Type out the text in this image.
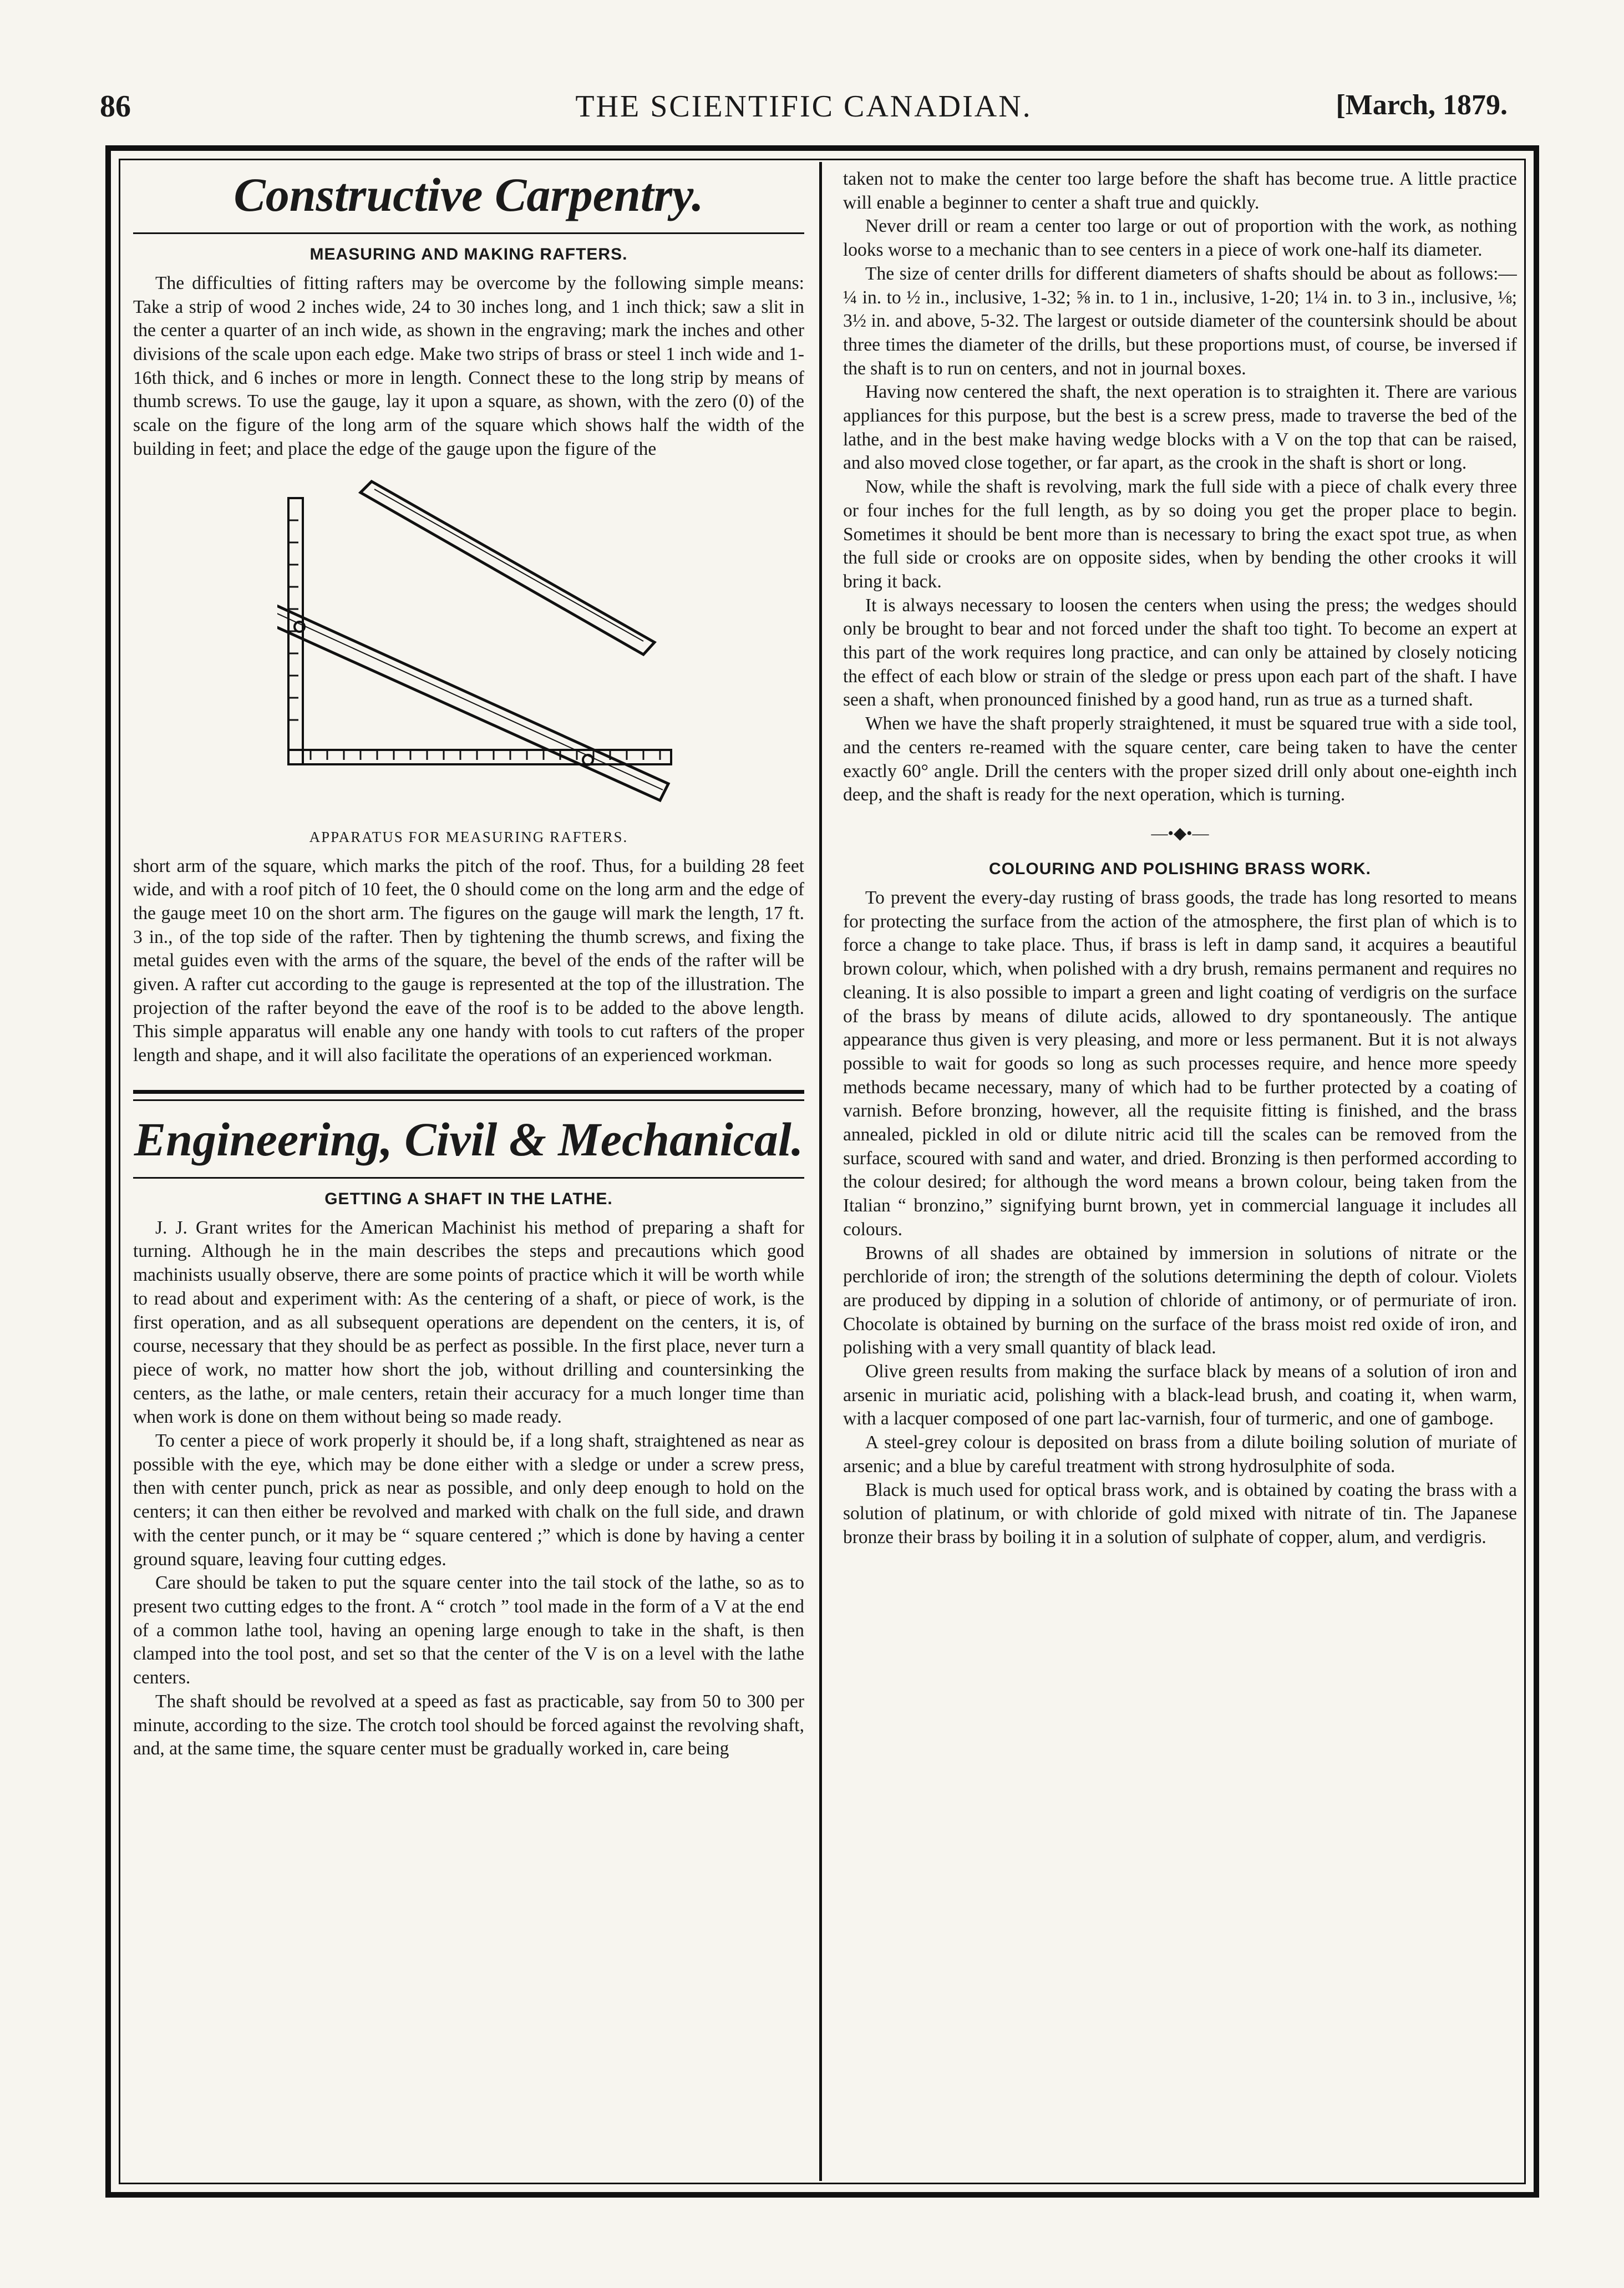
86	THE SCIENTIFIC CANADIAN.	[March, 1879.
Constructive Carpentry.
MEASURING AND MAKING RAFTERS.

The difficulties of fitting rafters may be overcome by the following simple means: Take a strip of wood 2 inches wide, 24 to 30 inches long, and 1 inch thick; saw a slit in the center a quarter of an inch wide, as shown in the engraving; mark the inches and other divisions of the scale upon each edge. Make two strips of brass or steel 1 inch wide and 1-16th thick, and 6 inches or more in length. Connect these to the long strip by means of thumb screws. To use the gauge, lay it upon a square, as shown, with the zero (0) of the scale on the figure of the long arm of the square which shows half the width of the building in feet; and place the edge of the gauge upon the figure of the

APPARATUS FOR MEASURING RAFTERS.

short arm of the square, which marks the pitch of the roof. Thus, for a building 28 feet wide, and with a roof pitch of 10 feet, the 0 should come on the long arm and the edge of the gauge meet 10 on the short arm. The figures on the gauge will mark the length, 17 ft. 3 in., of the top side of the rafter. Then by tightening the thumb screws, and fixing the metal guides even with the arms of the square, the bevel of the ends of the rafter will be given. A rafter cut according to the gauge is represented at the top of the illustration. The projection of the rafter beyond the eave of the roof is to be added to the above length. This simple apparatus will enable any one handy with tools to cut rafters of the proper length and shape, and it will also facilitate the operations of an experienced workman.

Engineering, Civil & Mechanical.
GETTING A SHAFT IN THE LATHE.

J. J. Grant writes for the American Machinist his method of preparing a shaft for turning. Although he in the main describes the steps and precautions which good machinists usually observe, there are some points of practice which it will be worth while to read about and experiment with: As the centering of a shaft, or piece of work, is the first operation, and as all subsequent operations are dependent on the centers, it is, of course, necessary that they should be as perfect as possible. In the first place, never turn a piece of work, no matter how short the job, without drilling and countersinking the centers, as the lathe, or male centers, retain their accuracy for a much longer time than when work is done on them without being so made ready.

To center a piece of work properly it should be, if a long shaft, straightened as near as possible with the eye, which may be done either with a sledge or under a screw press, then with center punch, prick as near as possible, and only deep enough to hold on the centers; it can then either be revolved and marked with chalk on the full side, and drawn with the center punch, or it may be “ square centered ;” which is done by having a center ground square, leaving four cutting edges.

Care should be taken to put the square center into the tail stock of the lathe, so as to present two cutting edges to the front. A “ crotch ” tool made in the form of a V at the end of a common lathe tool, having an opening large enough to take in the shaft, is then clamped into the tool post, and set so that the center of the V is on a level with the lathe centers.

The shaft should be revolved at a speed as fast as practicable, say from 50 to 300 per minute, according to the size. The crotch tool should be forced against the revolving shaft, and, at the same time, the square center must be gradually worked in, care being

taken not to make the center too large before the shaft has become true. A little practice will enable a beginner to center a shaft true and quickly.

Never drill or ream a center too large or out of proportion with the work, as nothing looks worse to a mechanic than to see centers in a piece of work one-half its diameter.

The size of center drills for different diameters of shafts should be about as follows:—¼ in. to ½ in., inclusive, 1-32; ⅝ in. to 1 in., inclusive, 1-20; 1¼ in. to 3 in., inclusive, ⅛; 3½ in. and above, 5-32. The largest or outside diameter of the countersink should be about three times the diameter of the drills, but these proportions must, of course, be inversed if the shaft is to run on centers, and not in journal boxes.

Having now centered the shaft, the next operation is to straighten it. There are various appliances for this purpose, but the best is a screw press, made to traverse the bed of the lathe, and in the best make having wedge blocks with a V on the top that can be raised, and also moved close together, or far apart, as the crook in the shaft is short or long.

Now, while the shaft is revolving, mark the full side with a piece of chalk every three or four inches for the full length, as by so doing you get the proper place to begin. Sometimes it should be bent more than is necessary to bring the exact spot true, as when the full side or crooks are on opposite sides, when by bending the other crooks it will bring it back.

It is always necessary to loosen the centers when using the press; the wedges should only be brought to bear and not forced under the shaft too tight. To become an expert at this part of the work requires long practice, and can only be attained by closely noticing the effect of each blow or strain of the sledge or press upon each part of the shaft. I have seen a shaft, when pronounced finished by a good hand, run as true as a turned shaft.

When we have the shaft properly straightened, it must be squared true with a side tool, and the centers re-reamed with the square center, care being taken to have the center exactly 60° angle. Drill the centers with the proper sized drill only about one-eighth inch deep, and the shaft is ready for the next operation, which is turning.

—•◆•—
COLOURING AND POLISHING BRASS WORK.

To prevent the every-day rusting of brass goods, the trade has long resorted to means for protecting the surface from the action of the atmosphere, the first plan of which is to force a change to take place. Thus, if brass is left in damp sand, it acquires a beautiful brown colour, which, when polished with a dry brush, remains permanent and requires no cleaning. It is also possible to impart a green and light coating of verdigris on the surface of the brass by means of dilute acids, allowed to dry spontaneously. The antique appearance thus given is very pleasing, and more or less permanent. But it is not always possible to wait for goods so long as such processes require, and hence more speedy methods became necessary, many of which had to be further protected by a coating of varnish. Before bronzing, however, all the requisite fitting is finished, and the brass annealed, pickled in old or dilute nitric acid till the scales can be removed from the surface, scoured with sand and water, and dried. Bronzing is then performed according to the colour desired; for although the word means a brown colour, being taken from the Italian “ bronzino,” signifying burnt brown, yet in commercial language it includes all colours.

Browns of all shades are obtained by immersion in solutions of nitrate or the perchloride of iron; the strength of the solutions determining the depth of colour. Violets are produced by dipping in a solution of chloride of antimony, or of permuriate of iron. Chocolate is obtained by burning on the surface of the brass moist red oxide of iron, and polishing with a very small quantity of black lead.

Olive green results from making the surface black by means of a solution of iron and arsenic in muriatic acid, polishing with a black-lead brush, and coating it, when warm, with a lacquer composed of one part lac-varnish, four of turmeric, and one of gamboge.

A steel-grey colour is deposited on brass from a dilute boiling solution of muriate of arsenic; and a blue by careful treatment with strong hydrosulphite of soda.

Black is much used for optical brass work, and is obtained by coating the brass with a solution of platinum, or with chloride of gold mixed with nitrate of tin. The Japanese bronze their brass by boiling it in a solution of sulphate of copper, alum, and verdigris.
